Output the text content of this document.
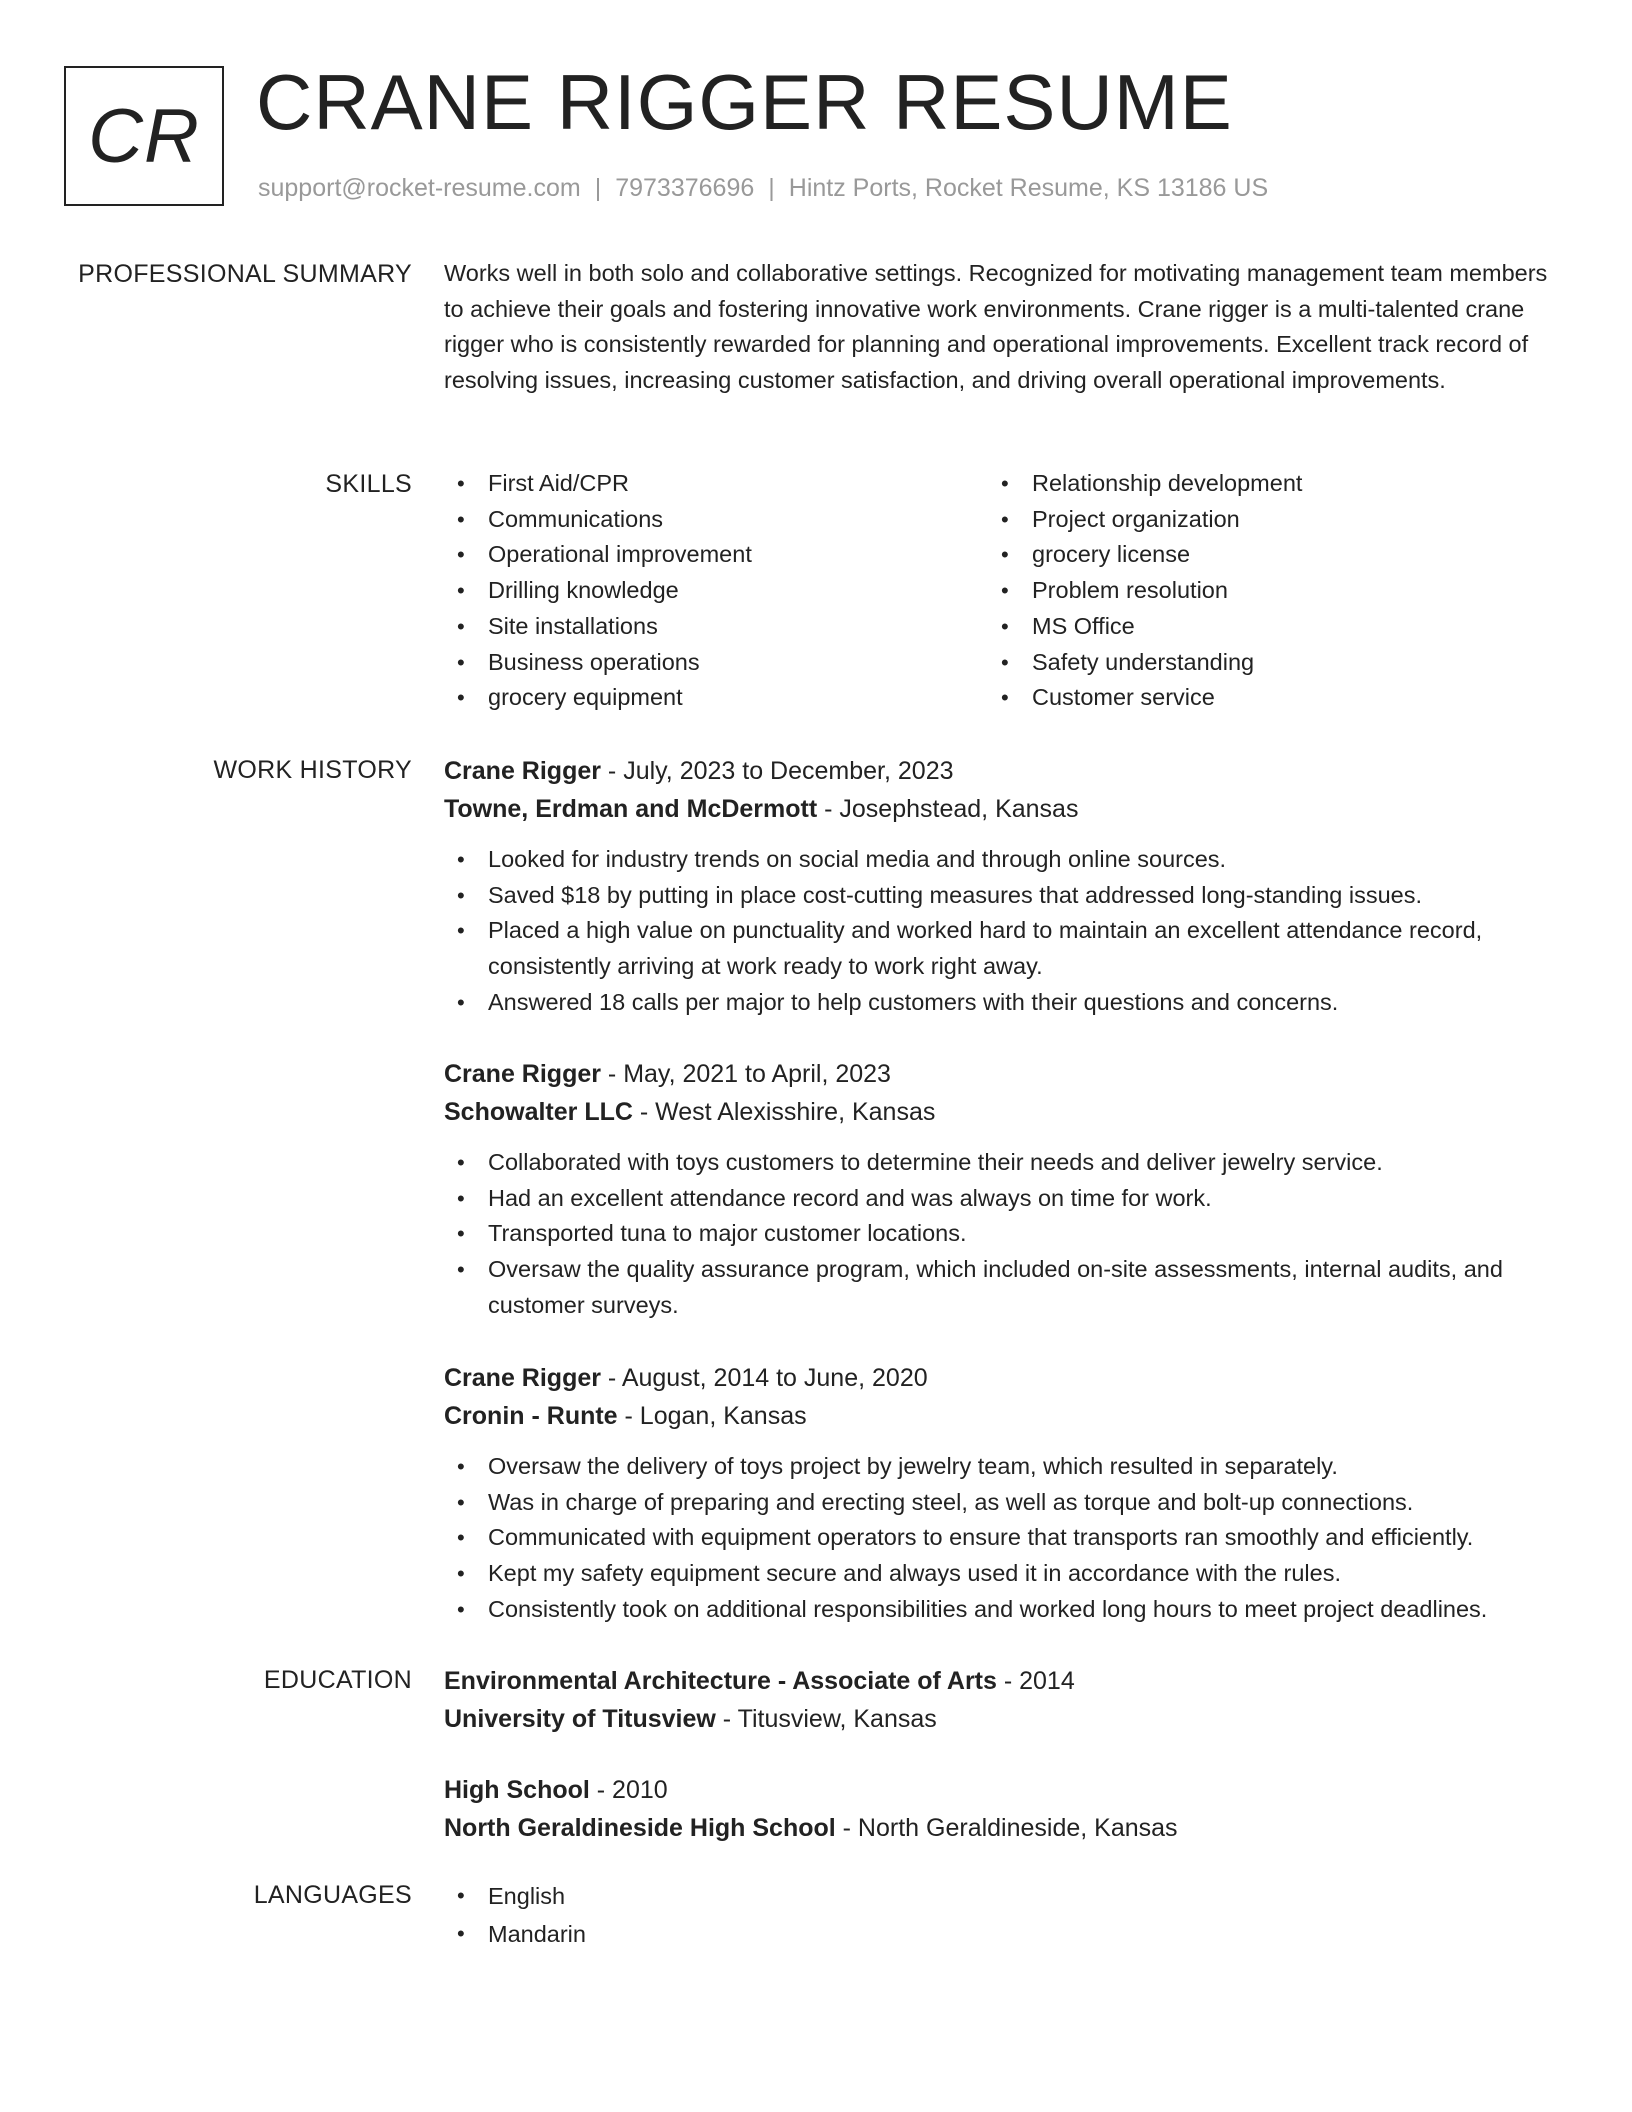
CR CRANE RIGGER RESUME
support@rocket-resume.com | 7973376696 | Hintz Ports, Rocket Resume, KS 13186 US
PROFESSIONAL SUMMARY Works well in both solo and collaborative settings. Recognized for motivating management team members to achieve their goals and fostering innovative work environments. Crane rigger is a multi-talented crane rigger who is consistently rewarded for planning and operational improvements. Excellent track record of resolving issues, increasing customer satisfaction, and driving overall operational improvements.
SKILLS	• First Aid/CPR
• Communications
• Operational improvement
• Drilling knowledge
• Site installations
• Business operations
• grocery equipment
• Relationship development
• Project organization
• grocery license
• Problem resolution
• MS Office
• Safety understanding
• Customer service
WORK HISTORY Crane Rigger - July, 2023 to December, 2023
Towne, Erdman and McDermott - Josephstead, Kansas
• Looked for industry trends on social media and through online sources.
• Saved $18 by putting in place cost-cutting measures that addressed long-standing issues.
• Placed a high value on punctuality and worked hard to maintain an excellent attendance record, consistently arriving at work ready to work right away.
• Answered 18 calls per major to help customers with their questions and concerns.
Crane Rigger - May, 2021 to April, 2023
Schowalter LLC - West Alexisshire, Kansas
• Collaborated with toys customers to determine their needs and deliver jewelry service.
• Had an excellent attendance record and was always on time for work.
• Transported tuna to major customer locations.
• Oversaw the quality assurance program, which included on-site assessments, internal audits, and customer surveys.
Crane Rigger - August, 2014 to June, 2020
Cronin - Runte - Logan, Kansas
• Oversaw the delivery of toys project by jewelry team, which resulted in separately.
• Was in charge of preparing and erecting steel, as well as torque and bolt-up connections.
• Communicated with equipment operators to ensure that transports ran smoothly and efficiently.
• Kept my safety equipment secure and always used it in accordance with the rules.
• Consistently took on additional responsibilities and worked long hours to meet project deadlines.
EDUCATION Environmental Architecture - Associate of Arts - 2014
University of Titusview - Titusview, Kansas
High School - 2010
North Geraldineside High School - North Geraldineside, Kansas
LANGUAGES	• English
• Mandarin
